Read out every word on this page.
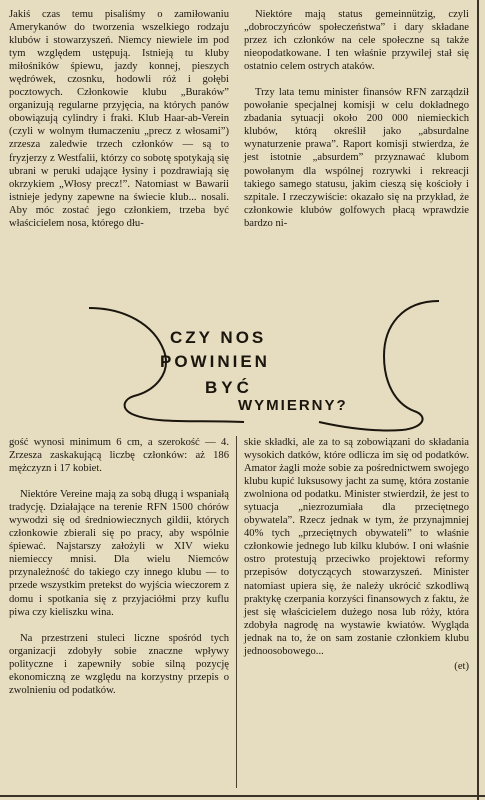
Jakiś czas temu pisaliśmy o zamiłowaniu Amerykanów do tworzenia wszelkiego rodzaju klubów i stowarzyszeń. Niemcy niewiele im pod tym względem ustępują. Istnieją tu kluby miłośników śpiewu, jazdy konnej, pieszych wędrówek, czosnku, hodowli róż i gołębi pocztowych. Członkowie klubu „Buraków” organizują regularne przyjęcia, na których panów obowiązują cylindry i fraki. Klub Haar-ab-Verein (czyli w wolnym tłumaczeniu „precz z włosami”) zrzesza zaledwie trzech członków — są to fryzjerzy z Westfalii, którzy co sobotę spotykają się ubrani w peruki udające łysiny i pozdrawiają się okrzykiem „Włosy precz!”. Natomiast w Bawarii istnieje jedyny zapewne na świecie klub... nosali. Aby móc zostać jego członkiem, trzeba być właścicielem nosa, którego dłu-

Niektóre mają status gemeinnützig, czyli „dobroczyńców społeczeństwa” i dary składane przez ich członków na cele społeczne są także nieopodatkowane. I ten właśnie przywilej stał się ostatnio celem ostrych ataków.

Trzy lata temu minister finansów RFN zarządził powołanie specjalnej komisji w celu dokładnego zbadania sytuacji około 200 000 niemieckich klubów, którą określił jako „absurdalne wynaturzenie prawa”. Raport komisji stwierdza, że jest istotnie „absurdem” przyznawać klubom powołanym dla wspólnej rozrywki i rekreacji takiego samego statusu, jakim cieszą się kościoły i szpitale. I rzeczywiście: okazało się na przykład, że członkowie klubów golfowych płacą wprawdzie bardzo ni-

CZY NOS
POWINIEN
BYĆ
WYMIERNY?

gość wynosi minimum 6 cm, a szerokość — 4. Zrzesza zaskakującą liczbę członków: aż 186 mężczyzn i 17 kobiet.

Niektóre Vereine mają za sobą długą i wspaniałą tradycję. Działające na terenie RFN 1500 chórów wywodzi się od średniowiecznych gildii, których członkowie zbierali się po pracy, aby wspólnie śpiewać. Najstarszy założyli w XIV wieku niemieccy mnisi. Dla wielu Niemców przynależność do takiego czy innego klubu — to przede wszystkim pretekst do wyjścia wieczorem z domu i spotkania się z przyjaciółmi przy kuflu piwa czy kieliszku wina.

Na przestrzeni stuleci liczne spośród tych organizacji zdobyły sobie znaczne wpływy polityczne i zapewniły sobie silną pozycję ekonomiczną ze względu na korzystny przepis o zwolnieniu od podatków.

skie składki, ale za to są zobowiązani do składania wysokich datków, które odlicza im się od podatków. Amator żagli może sobie za pośrednictwem swojego klubu kupić luksusowy jacht za sumę, która zostanie zwolniona od podatku. Minister stwierdził, że jest to sytuacja „niezrozumiała dla przeciętnego obywatela”. Rzecz jednak w tym, że przynajmniej 40% tych „przeciętnych obywateli” to właśnie członkowie jednego lub kilku klubów. I oni właśnie ostro protestują przeciwko projektowi reformy przepisów dotyczących stowarzyszeń. Minister natomiast upiera się, że należy ukrócić szkodliwą praktykę czerpania korzyści finansowych z faktu, że jest się właścicielem dużego nosa lub róży, która zdobyła nagrodę na wystawie kwiatów. Wygląda jednak na to, że on sam zostanie członkiem klubu jednoosobowego...

(et)
